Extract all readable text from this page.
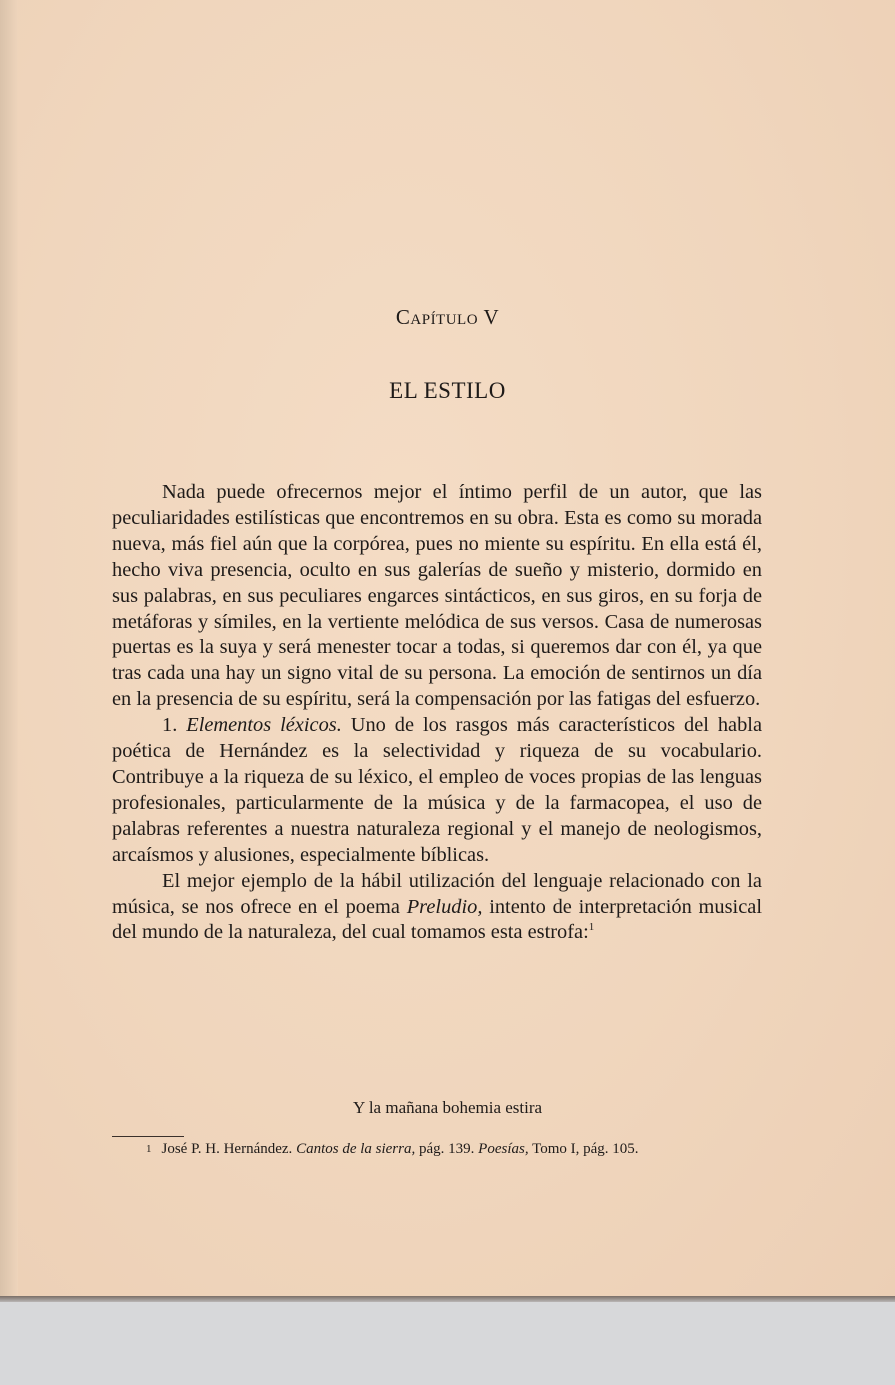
Capítulo V
EL ESTILO

Nada puede ofrecernos mejor el íntimo perfil de un autor, que las peculiaridades estilísticas que encontremos en su obra. Esta es como su morada nueva, más fiel aún que la corpórea, pues no miente su espíritu. En ella está él, hecho viva presencia, oculto en sus galerías de sueño y misterio, dormido en sus palabras, en sus peculiares engarces sintácticos, en sus giros, en su forja de metáforas y símiles, en la vertiente melódica de sus versos. Casa de numerosas puertas es la suya y será menester tocar a todas, si queremos dar con él, ya que tras cada una hay un signo vital de su persona. La emoción de sentirnos un día en la presencia de su espíritu, será la compensación por las fatigas del esfuerzo.

1. Elementos léxicos. Uno de los rasgos más característicos del habla poética de Hernández es la selectividad y riqueza de su vocabulario. Contribuye a la riqueza de su léxico, el empleo de voces propias de las lenguas profesionales, particularmente de la música y de la farmacopea, el uso de palabras referentes a nuestra naturaleza regional y el manejo de neologismos, arcaísmos y alusiones, especialmente bíblicas.

El mejor ejemplo de la hábil utilización del lenguaje relacionado con la música, se nos ofrece en el poema Preludio, intento de interpretación musical del mundo de la naturaleza, del cual tomamos esta estrofa:$^1$

Y la mañana bohemia estira
1 José P. H. Hernández. Cantos de la sierra, pág. 139. Poesías, Tomo I, pág. 105.
